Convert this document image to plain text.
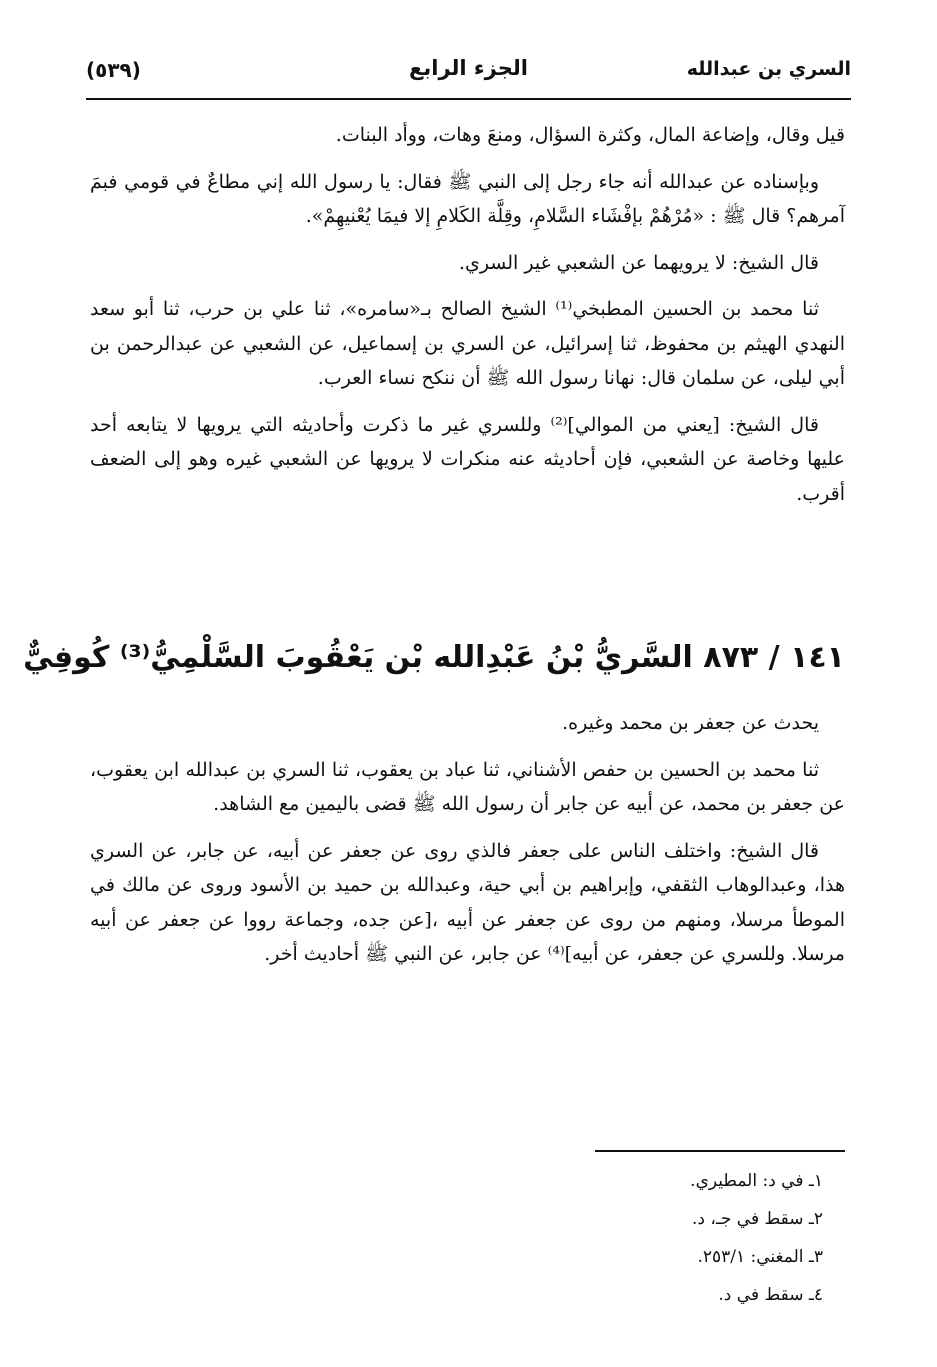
السري بن عبدالله
الجزء الرابع
(٥٣٩)

قيل وقال، وإضاعة المال، وكثرة السؤال، ومنعَ وهات، ووأد البنات.

وبإسناده عن عبدالله أنه جاء رجل إلى النبي ﷺ فقال: يا رسول الله إني مطاعٌ في قومي فبمَ آمرهم؟ قال ﷺ : «مُرْهُمْ بإفْشَاء السَّلامِ، وقِلَّة الكَلامِ إلا فيمَا يُعْنيهِمْ».

قال الشيخ: لا يرويهما عن الشعبي غير السري.

ثنا محمد بن الحسين المطبخي⁽¹⁾ الشيخ الصالح بـ«سامره»، ثنا علي بن حرب، ثنا أبو سعد النهدي الهيثم بن محفوظ، ثنا إسرائيل، عن السري بن إسماعيل، عن الشعبي عن عبدالرحمن بن أبي ليلى، عن سلمان قال: نهانا رسول الله ﷺ أن ننكح نساء العرب.

قال الشيخ: [يعني من الموالي]⁽²⁾ وللسري غير ما ذكرت وأحاديثه التي يرويها لا يتابعه أحد عليها وخاصة عن الشعبي، فإن أحاديثه عنه منكرات لا يرويها عن الشعبي غيره وهو إلى الضعف أقرب.

١٤١ / ٨٧٣ السَّريُّ بْنُ عَبْدِالله بْن يَعْقُوبَ السَّلْمِيُّ⁽³⁾ كُوفِيٌّ

يحدث عن جعفر بن محمد وغيره.

ثنا محمد بن الحسين بن حفص الأشناني، ثنا عباد بن يعقوب، ثنا السري بن عبدالله ابن يعقوب، عن جعفر بن محمد، عن أبيه عن جابر أن رسول الله ﷺ قضى باليمين مع الشاهد.

قال الشيخ: واختلف الناس على جعفر فالذي روى عن جعفر عن أبيه، عن جابر، عن السري هذا، وعبدالوهاب الثقفي، وإبراهيم بن أبي حية، وعبدالله بن حميد بن الأسود وروى عن مالك في الموطأ مرسلا، ومنهم من روى عن جعفر عن أبيه ،[عن جده، وجماعة رووا عن جعفر عن أبيه مرسلا. وللسري عن جعفر، عن أبيه]⁽⁴⁾ عن جابر، عن النبي ﷺ أحاديث أخر.

١ـ في د: المطيري.
٢ـ سقط في جـ، د.
٣ـ المغني: ٢٥٣/١.
٤ـ سقط في د.
